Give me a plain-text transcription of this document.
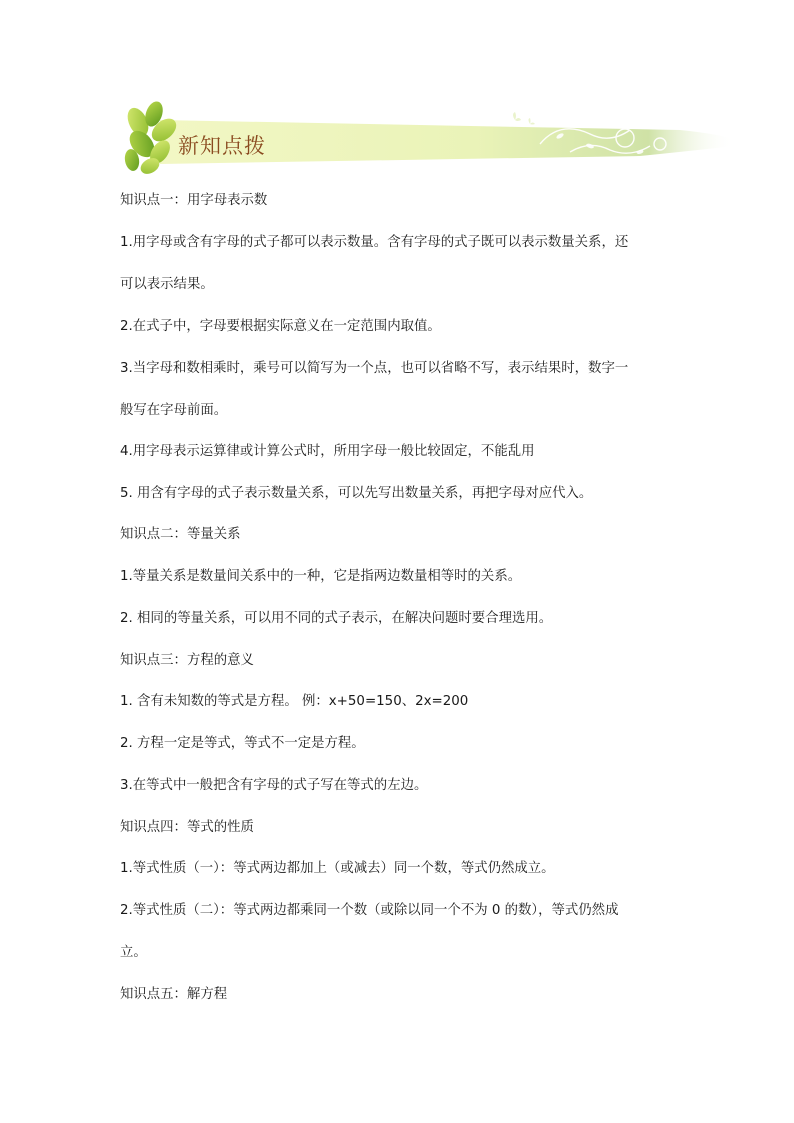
新知点拨
知识点一：用字母表示数
1.用字母或含有字母的式子都可以表示数量。含有字母的式子既可以表示数量关系，还
可以表示结果。
2.在式子中，字母要根据实际意义在一定范围内取值。
3.当字母和数相乘时，乘号可以简写为一个点，也可以省略不写，表示结果时，数字一
般写在字母前面。
4.用字母表示运算律或计算公式时，所用字母一般比较固定，不能乱用
5. 用含有字母的式子表示数量关系，可以先写出数量关系，再把字母对应代入。
知识点二：等量关系
1.等量关系是数量间关系中的一种，它是指两边数量相等时的关系。
2. 相同的等量关系，可以用不同的式子表示，在解决问题时要合理选用。
知识点三：方程的意义
1. 含有未知数的等式是方程。 例：x+50=150、2x=200
2. 方程一定是等式，等式不一定是方程。
3.在等式中一般把含有字母的式子写在等式的左边。
知识点四：等式的性质
1.等式性质（一）：等式两边都加上（或减去）同一个数，等式仍然成立。
2.等式性质（二）：等式两边都乘同一个数（或除以同一个不为 0 的数），等式仍然成
立。
知识点五：解方程
